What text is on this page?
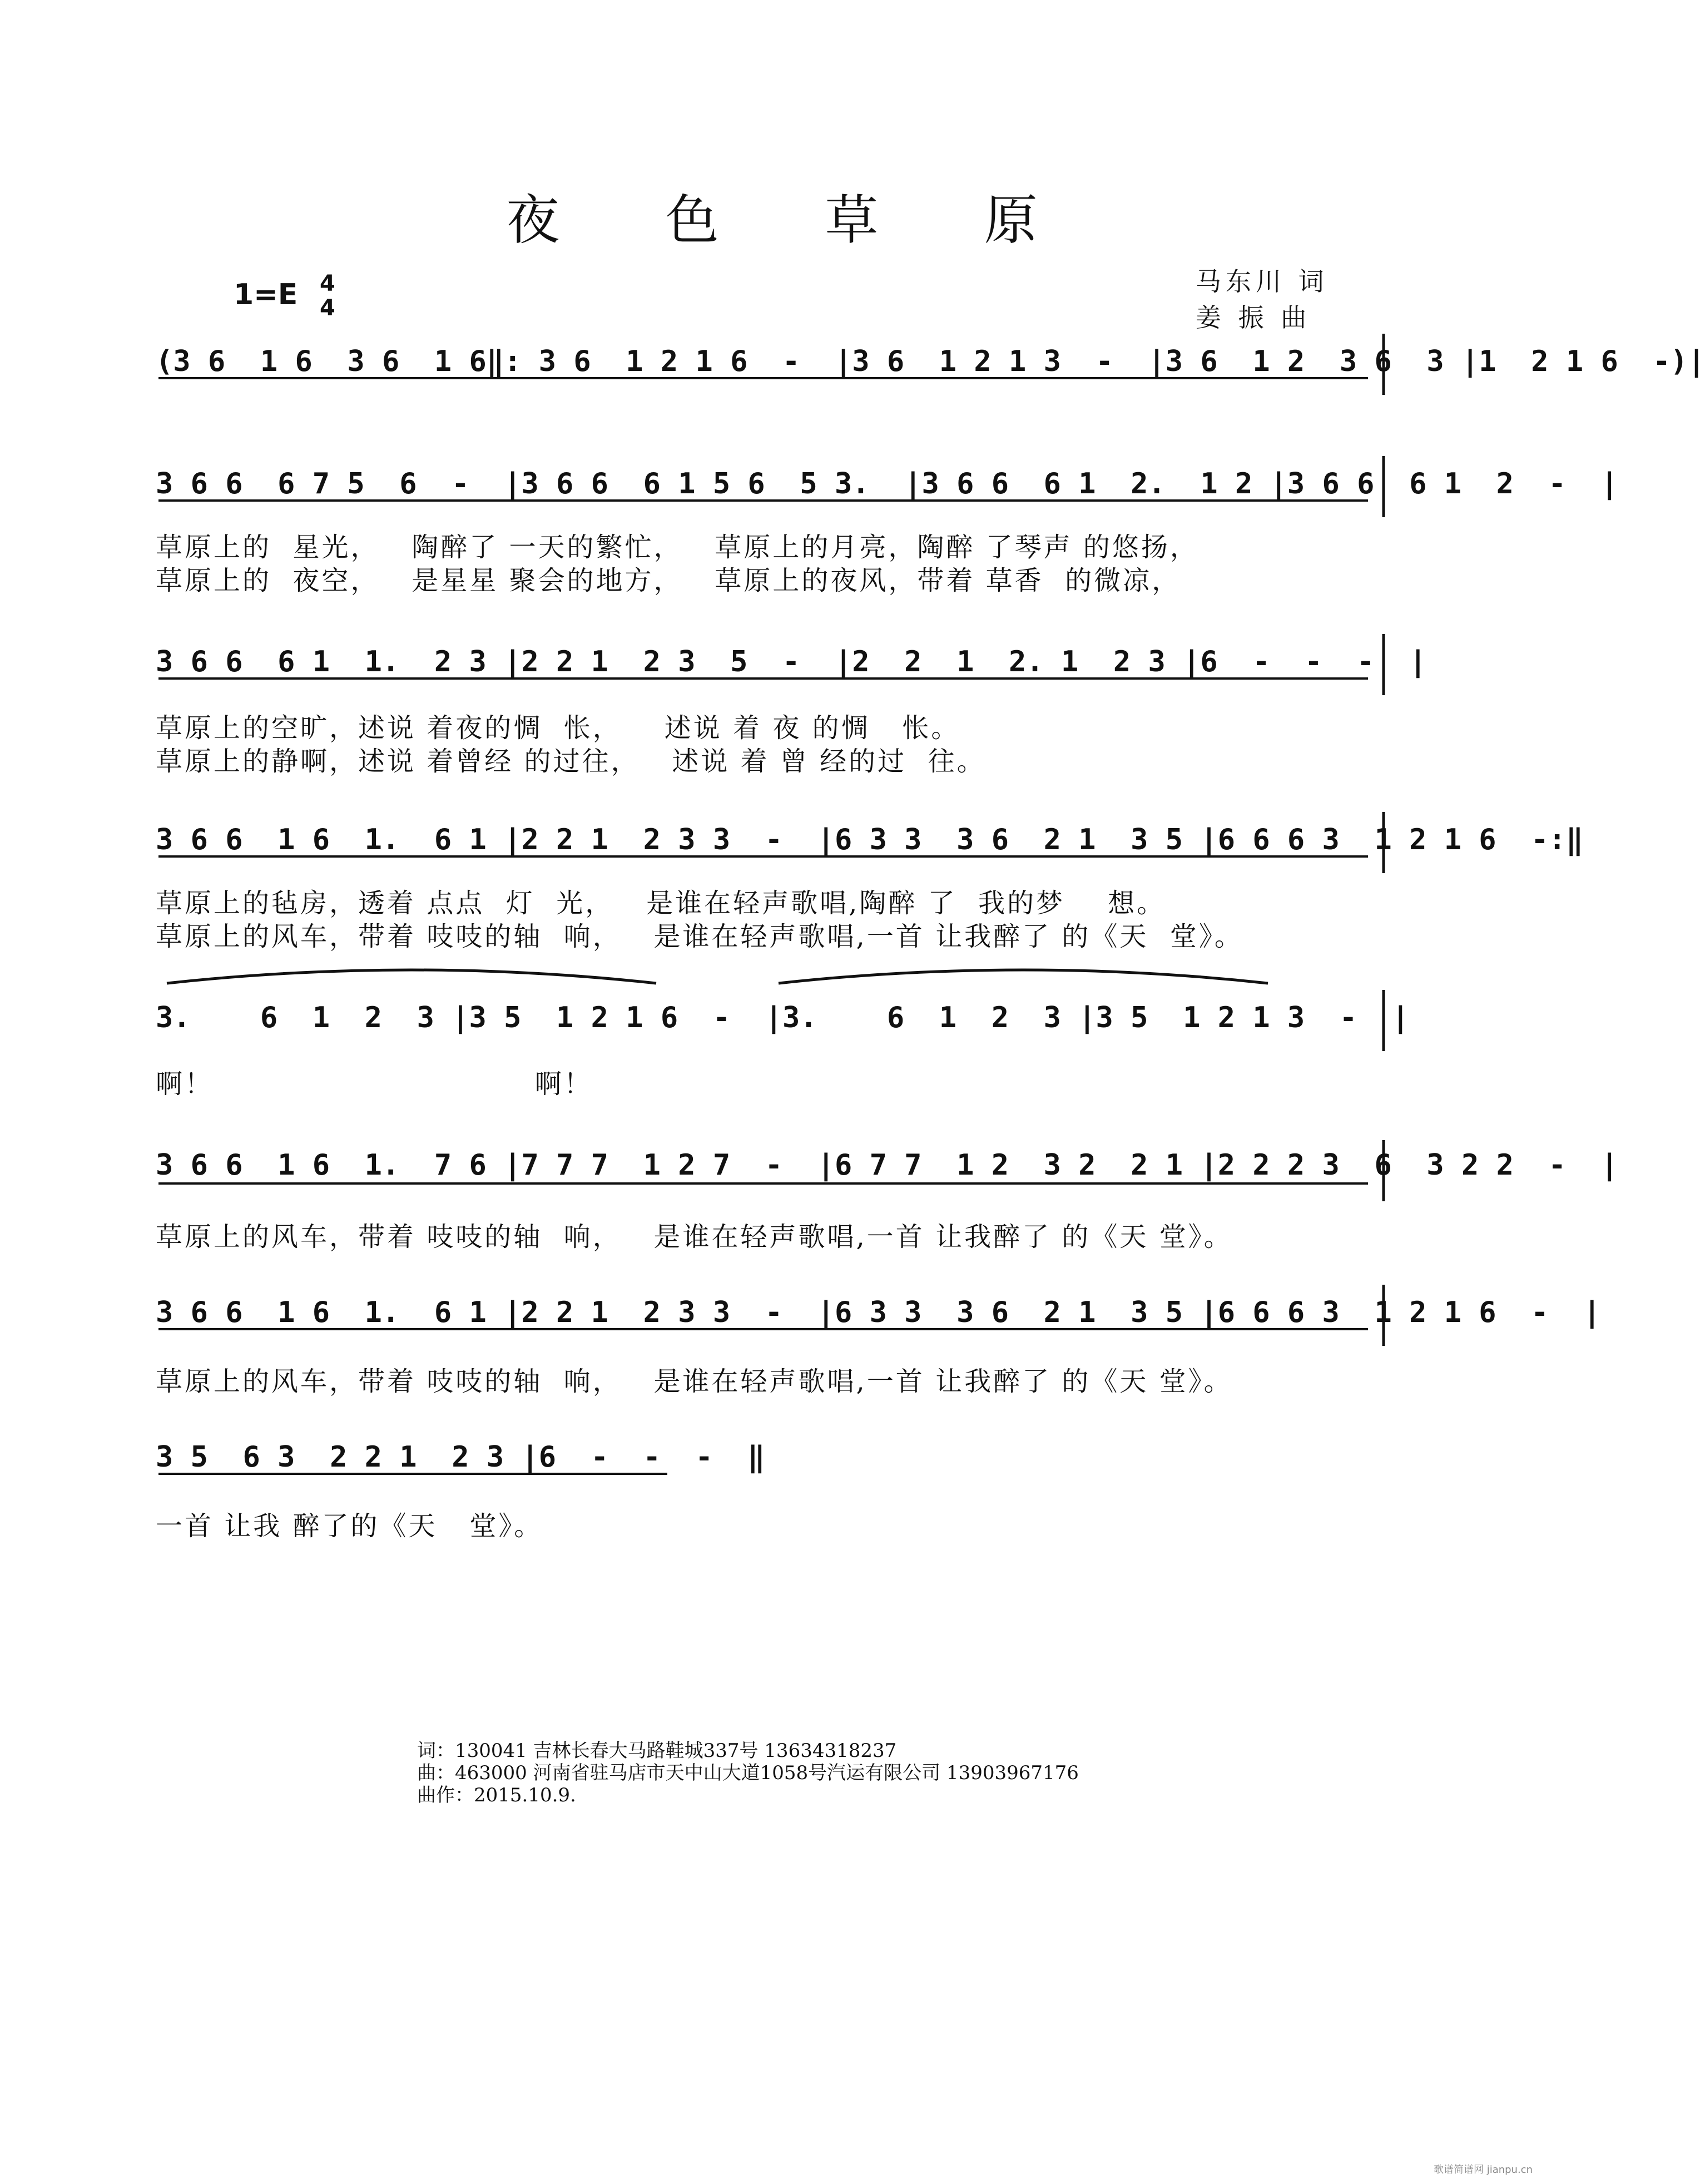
夜 色 草 原
1=E 4
4
马东川 词
姜 振 曲
(3 6  1 6  3 6  1 6‖: 3 6  1 2 1 6  -  |3 6  1 2 1 3  -  |3 6  1 2  3 6  3 |1  2 1 6  -)|
3 6 6  6 7 5  6  -  |3 6 6  6 1 5 6  5 3.  |3 6 6  6 1  2.  1 2 |3 6 6  6 1  2  -  |
草原上的  星光，   陶醉了 一天的繁忙，   草原上的月亮，陶醉 了琴声 的悠扬，
草原上的  夜空，   是星星 聚会的地方，   草原上的夜风，带着 草香  的微凉，
3 6 6  6 1  1.  2 3 |2 2 1  2 3  5  -  |2  2  1  2. 1  2 3 |6  -  -  -  |
草原上的空旷，述说 着夜的惆  怅，    述说 着 夜 的惆   怅。
草原上的静啊，述说 着曾经 的过往，   述说 着 曾 经的过  往。
3 6 6  1 6  1.  6 1 |2 2 1  2 3 3  -  |6 3 3  3 6  2 1  3 5 |6 6 6 3  1 2 1 6  -:‖
草原上的毡房，透着 点点  灯  光，   是谁在轻声歌唱,陶醉 了  我的梦    想。
草原上的风车，带着 吱吱的轴  响，   是谁在轻声歌唱,一首 让我醉了 的《天  堂》。
3.    6  1  2  3 |3 5  1 2 1 6  -  |3.    6  1  2  3 |3 5  1 2 1 3  -  |
啊！                              啊！
3 6 6  1 6  1.  7 6 |7 7 7  1 2 7  -  |6 7 7  1 2  3 2  2 1 |2 2 2 3  6  3 2 2  -  |
草原上的风车，带着 吱吱的轴  响，   是谁在轻声歌唱,一首 让我醉了 的《天 堂》。
3 6 6  1 6  1.  6 1 |2 2 1  2 3 3  -  |6 3 3  3 6  2 1  3 5 |6 6 6 3  1 2 1 6  -  |
草原上的风车，带着 吱吱的轴  响，   是谁在轻声歌唱,一首 让我醉了 的《天 堂》。
3 5  6 3  2 2 1  2 3 |6  -  -  -  ‖
一首 让我 醉了的《天   堂》。
词：130041 吉林长春大马路鞋城337号 13634318237
曲：463000 河南省驻马店市天中山大道1058号汽运有限公司 13903967176
曲作：2015.10.9.
歌谱简谱网 jianpu.cn
